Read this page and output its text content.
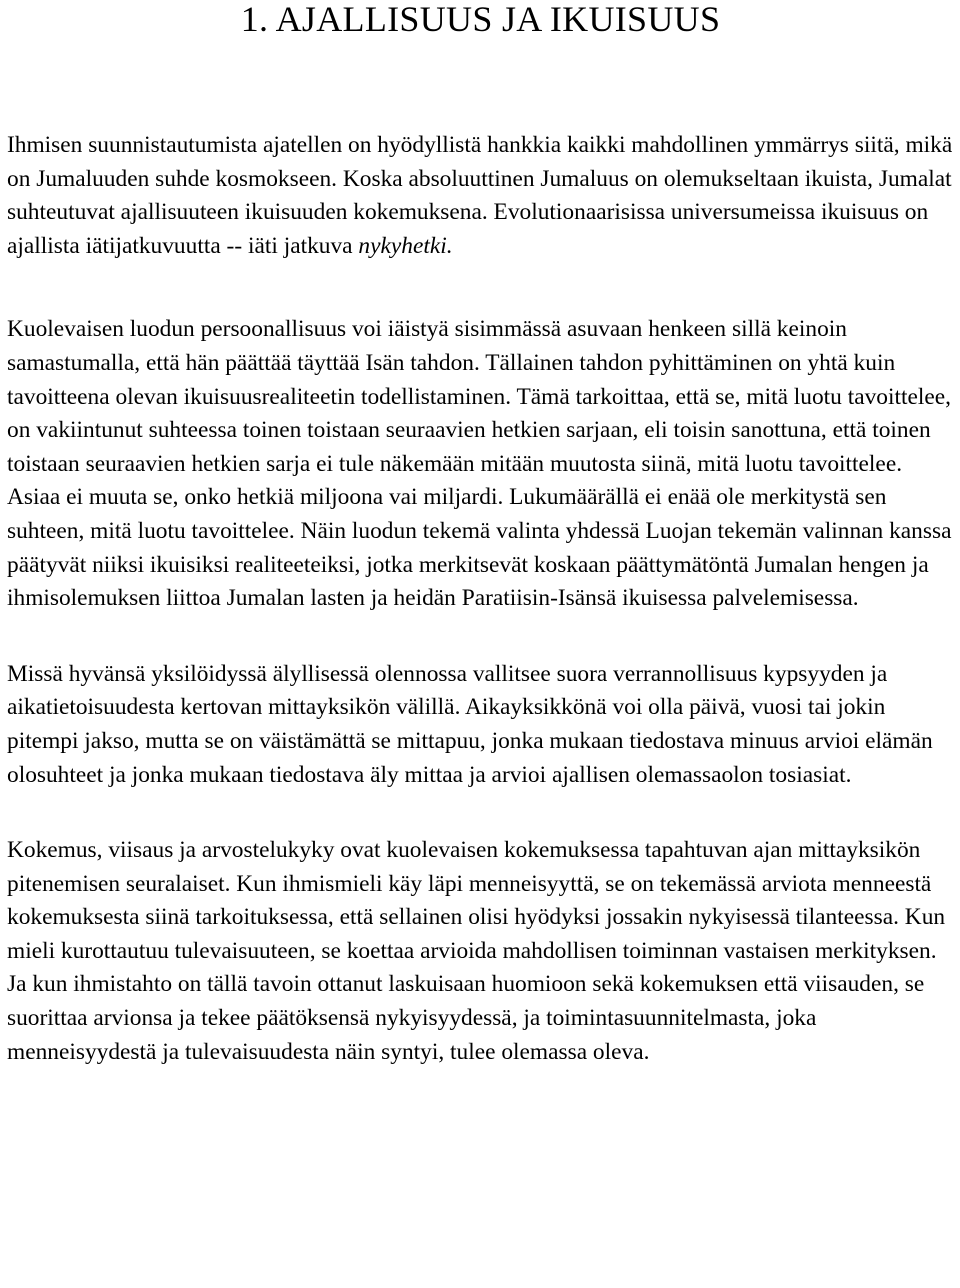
1. AJALLISUUS JA IKUISUUS

Ihmisen suunnistautumista ajatellen on hyödyllistä hankkia kaikki mahdollinen ymmärrys siitä, mikä on Jumaluuden suhde kosmokseen. Koska absoluuttinen Jumaluus on olemukseltaan ikuista, Jumalat suhteutuvat ajallisuuteen ikuisuuden kokemuksena. Evolutionaarisissa universumeissa ikuisuus on ajallista iätijatkuvuutta -- iäti jatkuva nykyhetki.

Kuolevaisen luodun persoonallisuus voi iäistyä sisimmässä asuvaan henkeen sillä keinoin samastumalla, että hän päättää täyttää Isän tahdon. Tällainen tahdon pyhittäminen on yhtä kuin tavoitteena olevan ikuisuusrealiteetin todellistaminen. Tämä tarkoittaa, että se, mitä luotu tavoittelee, on vakiintunut suhteessa toinen toistaan seuraavien hetkien sarjaan, eli toisin sanottuna, että toinen toistaan seuraavien hetkien sarja ei tule näkemään mitään muutosta siinä, mitä luotu tavoittelee. Asiaa ei muuta se, onko hetkiä miljoona vai miljardi. Lukumäärällä ei enää ole merkitystä sen suhteen, mitä luotu tavoittelee. Näin luodun tekemä valinta yhdessä Luojan tekemän valinnan kanssa päätyvät niiksi ikuisiksi realiteeteiksi, jotka merkitsevät koskaan päättymätöntä Jumalan hengen ja ihmisolemuksen liittoa Jumalan lasten ja heidän Paratiisin-Isänsä ikuisessa palvelemisessa.

Missä hyvänsä yksilöidyssä älyllisessä olennossa vallitsee suora verrannollisuus kypsyyden ja aikatietoisuudesta kertovan mittayksikön välillä. Aikayksikkönä voi olla päivä, vuosi tai jokin pitempi jakso, mutta se on väistämättä se mittapuu, jonka mukaan tiedostava minuus arvioi elämän olosuhteet ja jonka mukaan tiedostava äly mittaa ja arvioi ajallisen olemassaolon tosiasiat.

Kokemus, viisaus ja arvostelukyky ovat kuolevaisen kokemuksessa tapahtuvan ajan mittayksikön pitenemisen seuralaiset. Kun ihmismieli käy läpi menneisyyttä, se on tekemässä arviota menneestä kokemuksesta siinä tarkoituksessa, että sellainen olisi hyödyksi jossakin nykyisessä tilanteessa. Kun mieli kurottautuu tulevaisuuteen, se koettaa arvioida mahdollisen toiminnan vastaisen merkityksen. Ja kun ihmistahto on tällä tavoin ottanut laskuisaan huomioon sekä kokemuksen että viisauden, se suorittaa arvionsa ja tekee päätöksensä nykyisyydessä, ja toimintasuunnitelmasta, joka menneisyydestä ja tulevaisuudesta näin syntyi, tulee olemassa oleva.
